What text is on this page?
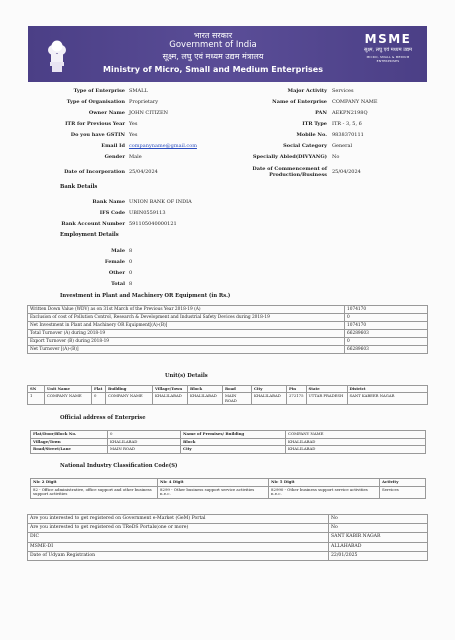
भारत सरकार
Government of India
सूक्ष्म, लघु एवं मध्यम उद्यम मंत्रालय
Ministry of Micro, Small and Medium Enterprises
MSME
सूक्ष्म, लघु एवं मध्यम उद्यम
MICRO, SMALL & MEDIUM ENTERPRISES
Type of Enterprise SMALL	Major Activity Services
Type of Organisation Proprietary	Name of Enterprise COMPANY NAME
Owner Name JOHN CITIZEN	PAN AEKPN2198Q
ITR for Previous Year Yes	ITR Type ITR - 3, 5, 6
Do you have GSTIN Yes	Mobile No. 9838370111
Email Id companyname@gmail.com	Social Category General
Gender Male	Specially Abled(DIVYANG) No
Date of Incorporation 25/04/2024	Date of Commencement of
Production/Business 25/04/2024
Bank Details
Bank Name UNION BANK OF INDIA
IFS Code UBIN0559113
Bank Account Number 591105040000121
Employment Details
Male 8
Female 0
Other 0
Total 8
Investment in Plant and Machinery OR Equipment (in Rs.)
Written Down Value (WDV) as on 31st March of the Previous Year 2018-19 (A)	1074170
Exclusion of cost of Pollution Control, Research & Development and Industrial Safety Devices during 2018-19	0
Net Investment in Plant and Machinery OR Equipment[(A)-(B)]	1074170
Total Turnover (A) during 2018-19	66289603
Export Turnover (B) during 2018-19	0
Net Turnover [(A)-(B)]	66289603
Unit(s) Details
SN	Unit Name	Flat	Building	Village/Town	Block	Road	City	Pin	State	District
1	COMPANY NAME	0	COMPANY NAME	KHALILABAD	KHALILABAD	MAIN ROAD	KHALILABAD	272175	UTTAR PRADESH	SANT KABEER NAGAR
Official address of Enterprise
Flat/Door/Block No.	0	Name of Premises/ Building	COMPANY NAME
Village/Town	KHALILABAD	Block	KHALILABAD
Road/Street/Lane	MAIN ROAD	City	KHALILABAD
National Industry Classification Code(S)
Nic 2 Digit	Nic 4 Digit	Nic 5 Digit	Activity
82 - Office administrative, office support and other business support activities	8299 - Other business support service activities n.e.c.	82990 - Other business support service activities n.e.c.	Services
Are you interested to get registered on Government e-Market (GeM) Portal	No
Are you interested to get registered on TReDS Portals(one or more)	No
DIC	SANT KABIR NAGAR
MSME-DI	ALLAHABAD
Date of Udyam Registration	22/01/2025
